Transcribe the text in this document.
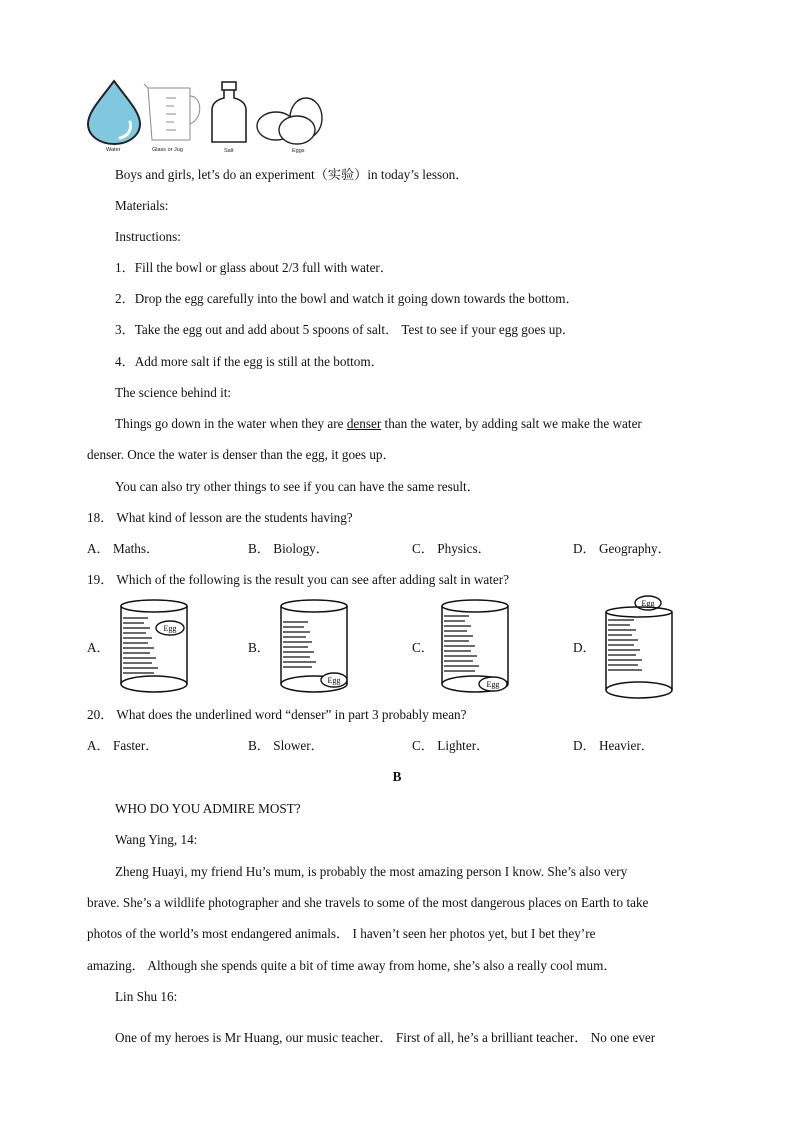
Water	Glass or Jug	Salt	Eggs
Boys and girls, let’s do an experiment（实验）in today’s lesson．
Materials:
Instructions:
1．Fill the bowl or glass about 2/3 full with water．
2．Drop the egg carefully into the bowl and watch it going down towards the bottom．
3．Take the egg out and add about 5 spoons of salt． Test to see if your egg goes up．
4．Add more salt if the egg is still at the bottom．
The science behind it:
Things go down in the water when they are denser than the water, by adding salt we make the water
denser. Once the water is denser than the egg, it goes up．
You can also try other things to see if you can have the same result．
18． What kind of lesson are the students having?
A． Maths．	B． Biology．	C． Physics．	D． Geography．
19． Which of the following is the result you can see after adding salt in water?
A．	B．	C．	D．
Egg
Egg	Egg
Egg
20． What does the underlined word “denser” in part 3 probably mean?
A． Faster．	B． Slower．	C． Lighter．	D． Heavier．
B
WHO DO YOU ADMIRE MOST?
Wang Ying, 14:
Zheng Huayi, my friend Hu’s mum, is probably the most amazing person I know. She’s also very
brave. She’s a wildlife photographer and she travels to some of the most dangerous places on Earth to take
photos of the world’s most endangered animals． I haven’t seen her photos yet, but I bet they’re
amazing． Although she spends quite a bit of time away from home, she’s also a really cool mum．
Lin Shu 16:
One of my heroes is Mr Huang, our music teacher． First of all, he’s a brilliant teacher． No one ever
